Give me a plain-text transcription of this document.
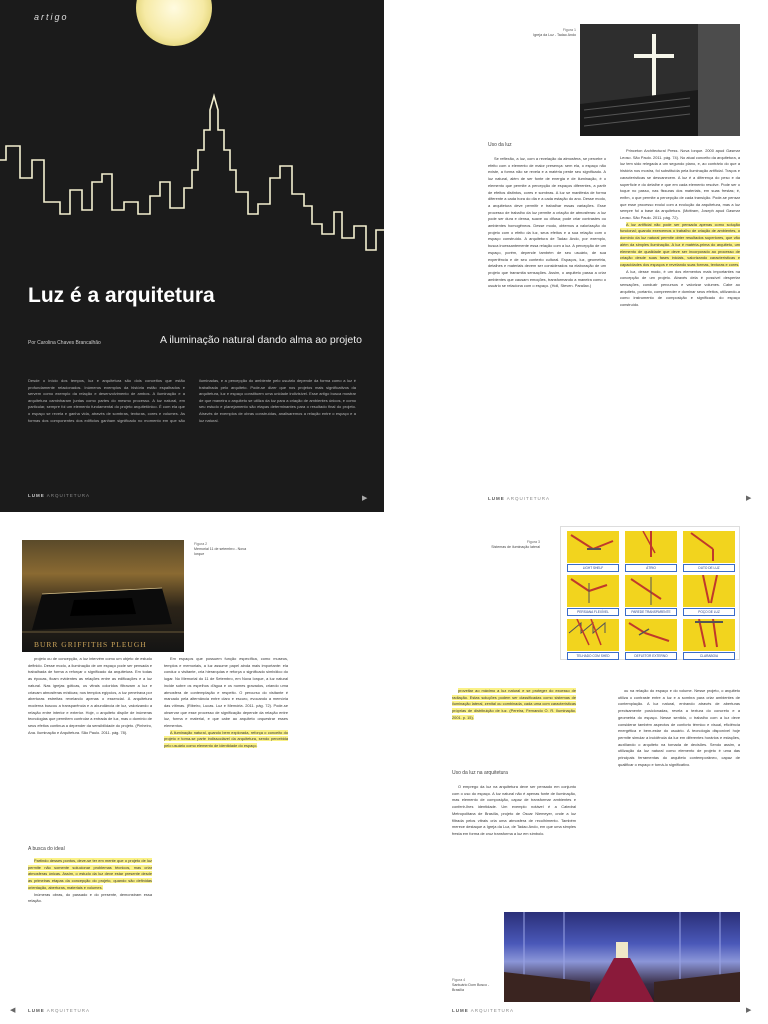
artigo
Luz é a arquitetura
Por Carolina Chaves Brancalhão	A iluminação natural dando alma ao projeto
Desde o início dos tempos, luz e arquitetura são dois conceitos que estão profundamente relacionados. Inúmeros exemplos da história estão espalhados e servem como exemplo da relação e desenvolvimento de ambos. A iluminação e a arquitetura caminharam juntas como partes do mesmo processo. A luz natural, em particular, sempre foi um elemento fundamental do projeto arquitetônico. É com ela que o espaço se revela e ganha vida, através de sombras, texturas, cores e volumes. As formas dos componentes dos edifícios ganham significado no momento em que são iluminadas, e a percepção do ambiente pelo usuário depende da forma como a luz é trabalhada pelo arquiteto. Pode-se dizer que nos projetos mais significativos da arquitetura, luz e espaço constituem uma unidade indivisível. Esse artigo busca mostrar de que maneira o arquiteto se utiliza da luz para a criação de ambientes únicos, e como seu estudo e planejamento são etapas determinantes para o resultado final do projeto. Através de exemplos de obras construídas, analisaremos a relação entre o espaço e a luz natural.
LUME ARQUITETURA	▶
Figura 1
Igreja da Luz - Tadao Ando
Uso da luz

Se reflexão, a luz, com a revelação da atmosfera, se percebe o efeito com o elemento de maior presença: sem ela, o espaço não existe, a forma não se revela e a matéria perde seu significado. A luz natural, além de ser fonte de energia e de iluminação, é o elemento que permite a percepção de espaços diferentes, a partir de efeitos distintos, cores e sombras. A luz se manifesta de forma diferente a cada hora do dia e a cada estação do ano. Desse modo, a arquitetura deve permitir e trabalhar essas variações. Esse processo de trabalho da luz permite a criação de atmosferas: a luz pode ser dura e densa, suave ou difusa; pode criar contrastes ou ambientes homogêneos. Desse modo, obtemos a valorização do projeto com o efeito da luz, seus efeitos e a sua relação com o espaço construído. A arquitetura de Tadao Ando, por exemplo, busca incessantemente essa relação com a luz. A percepção de um espaço, porém, depende também de seu usuário, de sua experiência e de seu contexto cultural. Espaços, luz, geometria, detalhes e materiais devem ser considerados na elaboração de um projeto que transmita sensações. Assim, o arquiteto passa a criar ambientes que causam emoções, transformando a maneira como o usuário se relaciona com o espaço. (Holl, Steven. Parallax.)

Princeton Architectural Press. Nova Iorque. 2000 apud Gasmar Leoso. São Paulo. 2011. pág. 74). No atual conceito da arquitetura, a luz tem sido relegada a um segundo plano, e, ao contrário do que a história nos mostra, foi substituída pela iluminação artificial. Traços e características se desvanecem. A luz é a diferença do peso e da superfície e do detalhe e que em cada elemento resolve. Pode ser o toque no passo, nas fissuras dos materiais, em suas frestas; é, enfim, o que permite a percepção de cada transição. Pode-se pensar que esse processo evolui com a evolução da arquitetura, mas a luz sempre foi a base da arquitetura. (Mottram, Joseph apud Gasmar Leoso. São Paulo. 2011. pág. 72).

A luz artificial não pode ser pensada apenas como solução funcional; quando exercemos o trabalho de criação de ambientes, o domínio da luz natural permite obter resultados superiores, que vão além da simples iluminação. A luz é matéria-prima do arquiteto, um elemento de qualidade que deve ser incorporado ao processo de criação desde suas fases iniciais, valorizando características e capacidades dos espaços e revelando suas formas, texturas e cores.

A luz, desse modo, é um dos elementos mais importantes na concepção de um projeto. Através dela é possível despertar sensações, conduzir percursos e valorizar volumes. Cabe ao arquiteto, portanto, compreender e dominar seus efeitos, utilizando-a como instrumento de composição e significado do espaço construído.

LUME ARQUITETURA	▶
BURR GRIFFITHS PLEUGH
Figura 2
Memorial 11 de setembro - Nova Iorque

projeto ou de concepção, a luz intervém como um objeto de estudo definido. Desse modo, a iluminação de um espaço pode ser pensada e trabalhada de forma a reforçar o significado da arquitetura. Em todas as épocas, ficam evidentes as relações entre as edificações e a luz natural. Nas igrejas góticas, os vitrais coloridos filtravam a luz e criavam atmosferas místicas; nos templos egípcios, a luz penetrava por aberturas estreitas revelando apenas o essencial. A arquitetura moderna buscou a transparência e a abundância de luz, valorizando a relação entre interior e exterior. Hoje, o arquiteto dispõe de inúmeras tecnologias que permitem controlar a entrada de luz, mas o domínio de seus efeitos continua a depender da sensibilidade do projeto. (Pinheiro, Ana. Iluminação e Arquitetura. São Paulo. 2011. pág. 78).

A busca do ideal

Partindo desses pontos, deve-se ter em mente que o projeto de luz permite não somente solucionar problemas técnicos, mas criar atmosferas únicas. Assim, o estudo da luz deve estar presente desde as primeiras etapas da concepção do projeto, quando são definidas orientação, aberturas, materiais e volumes.

Inúmeras obras, do passado e do presente, demonstram essa relação.

Em espaços que possuem função específica, como museus, templos e memoriais, a luz assume papel ainda mais importante: ela conduz o visitante, cria hierarquias e reforça o significado simbólico do lugar. No Memorial do 11 de Setembro, em Nova Iorque, a luz natural incide sobre os espelhos d'água e os nomes gravados, criando uma atmosfera de contemplação e respeito. O percurso do visitante é marcado pela alternância entre claro e escuro, evocando a memória das vítimas. (Ribeiro, Lucas. Luz e Memória. 2011. pág. 72). Pode-se observar que esse processo de significação depende da relação entre luz, forma e material, e que cabe ao arquiteto orquestrar esses elementos.

A iluminação natural, quando bem explorada, reforça o conceito do projeto e torna-se parte indissociável da arquitetura, sendo percebida pelo usuário como elemento de identidade do espaço.

◀	LUME ARQUITETURA
Figura 3
Sistemas de iluminação lateral
LIGHT SHELF	ÁTRIO	DUTO DE LUZ
PERSIANA FLEXÍVEL	PAREDE TRANSPARENTE	POÇO DE LUZ
TELHADO COM SHED	DEFLETOR EXTERNO	CLARABOIA

proveitar ao máximo a luz natural e se proteger do excesso de radiação. Estas soluções podem ser classificadas como sistemas de iluminação lateral, zenital ou combinada, cada uma com características próprias de distribuição de luz. (Pereira, Fernando O. R. Iluminação. 2001. p. 15).

Uso da luz na arquitetura

O emprego da luz na arquitetura deve ser pensado em conjunto com o uso do espaço. A luz natural não é apenas fonte de iluminação, mas elemento de composição, capaz de transformar ambientes e conferir-lhes identidade. Um exemplo notável é a Catedral Metropolitana de Brasília, projeto de Oscar Niemeyer, onde a luz filtrada pelos vitrais cria uma atmosfera de recolhimento. Também merece destaque a Igreja da Luz, de Tadao Ando, em que uma simples fresta em forma de cruz transforma a luz em símbolo.

ou na relação do espaço e do volume. Nesse projeto, o arquiteto utiliza o contraste entre a luz e a sombra para criar ambientes de contemplação. A luz natural, entrando através de aberturas precisamente posicionadas, revela a textura do concreto e a geometria do espaço. Nesse sentido, o trabalho com a luz deve considerar também aspectos de conforto térmico e visual, eficiência energética e bem-estar do usuário. A tecnologia disponível hoje permite simular a incidência da luz em diferentes horários e estações, auxiliando o arquiteto na tomada de decisões. Sendo assim, a utilização da luz natural como elemento de projeto é uma das principais ferramentas do arquiteto contemporâneo, capaz de qualificar o espaço e torná-lo significativo.

Figura 4
Santuário Dom Bosco - Brasília
LUME ARQUITETURA	▶
